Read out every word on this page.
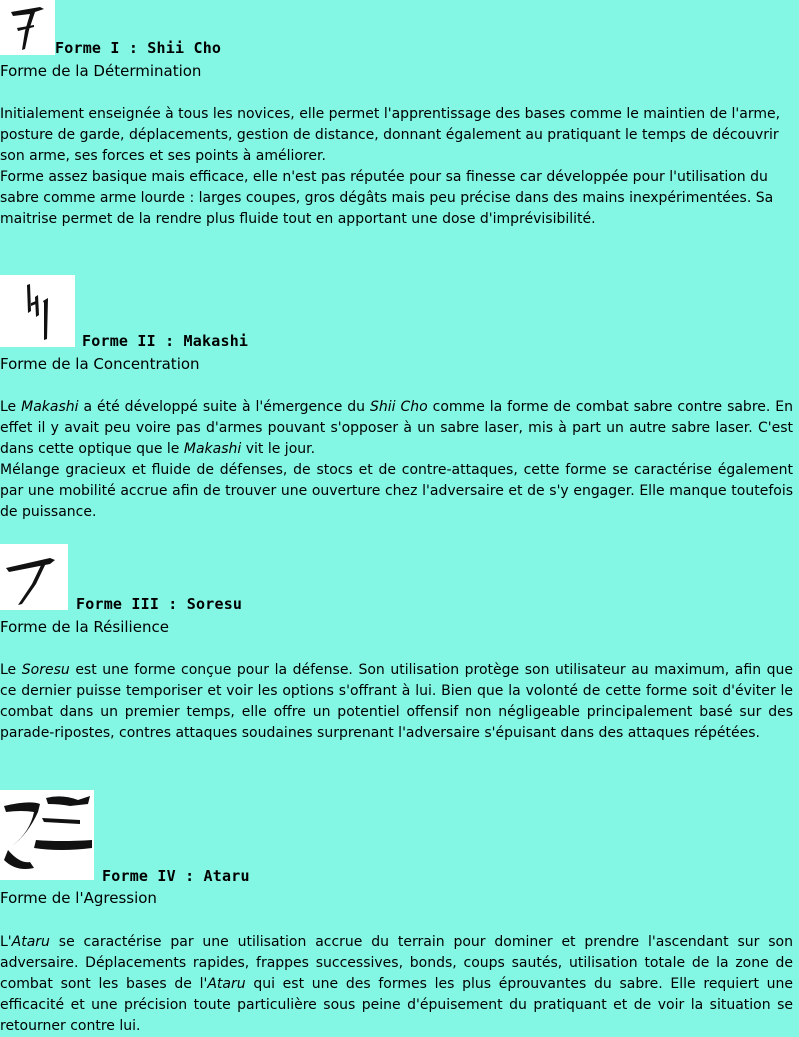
Forme I : Shii Cho
Forme de la Détermination

Initialement enseignée à tous les novices, elle permet l'apprentissage des bases comme le maintien de l'arme, posture de garde, déplacements, gestion de distance, donnant également au pratiquant le temps de découvrir son arme, ses forces et ses points à améliorer.

Forme assez basique mais efficace, elle n'est pas réputée pour sa finesse car développée pour l'utilisation du sabre comme arme lourde : larges coupes, gros dégâts mais peu précise dans des mains inexpérimentées. Sa maitrise permet de la rendre plus fluide tout en apportant une dose d'imprévisibilité.

Forme II : Makashi
Forme de la Concentration

Le Makashi a été développé suite à l'émergence du Shii Cho comme la forme de combat sabre contre sabre. En effet il y avait peu voire pas d'armes pouvant s'opposer à un sabre laser, mis à part un autre sabre laser. C'est dans cette optique que le Makashi vit le jour.

Mélange gracieux et fluide de défenses, de stocs et de contre-attaques, cette forme se caractérise également par une mobilité accrue afin de trouver une ouverture chez l'adversaire et de s'y engager. Elle manque toutefois de puissance.

Forme III : Soresu
Forme de la Résilience

Le Soresu est une forme conçue pour la défense. Son utilisation protège son utilisateur au maximum, afin que ce dernier puisse temporiser et voir les options s'offrant à lui. Bien que la volonté de cette forme soit d'éviter le combat dans un premier temps, elle offre un potentiel offensif non négligeable principalement basé sur des parade-ripostes, contres attaques soudaines surprenant l'adversaire s'épuisant dans des attaques répétées.

Forme IV : Ataru
Forme de l'Agression

L'Ataru se caractérise par une utilisation accrue du terrain pour dominer et prendre l'ascendant sur son adversaire. Déplacements rapides, frappes successives, bonds, coups sautés, utilisation totale de la zone de combat sont les bases de l'Ataru qui est une des formes les plus éprouvantes du sabre. Elle requiert une efficacité et une précision toute particulière sous peine d'épuisement du pratiquant et de voir la situation se retourner contre lui.
